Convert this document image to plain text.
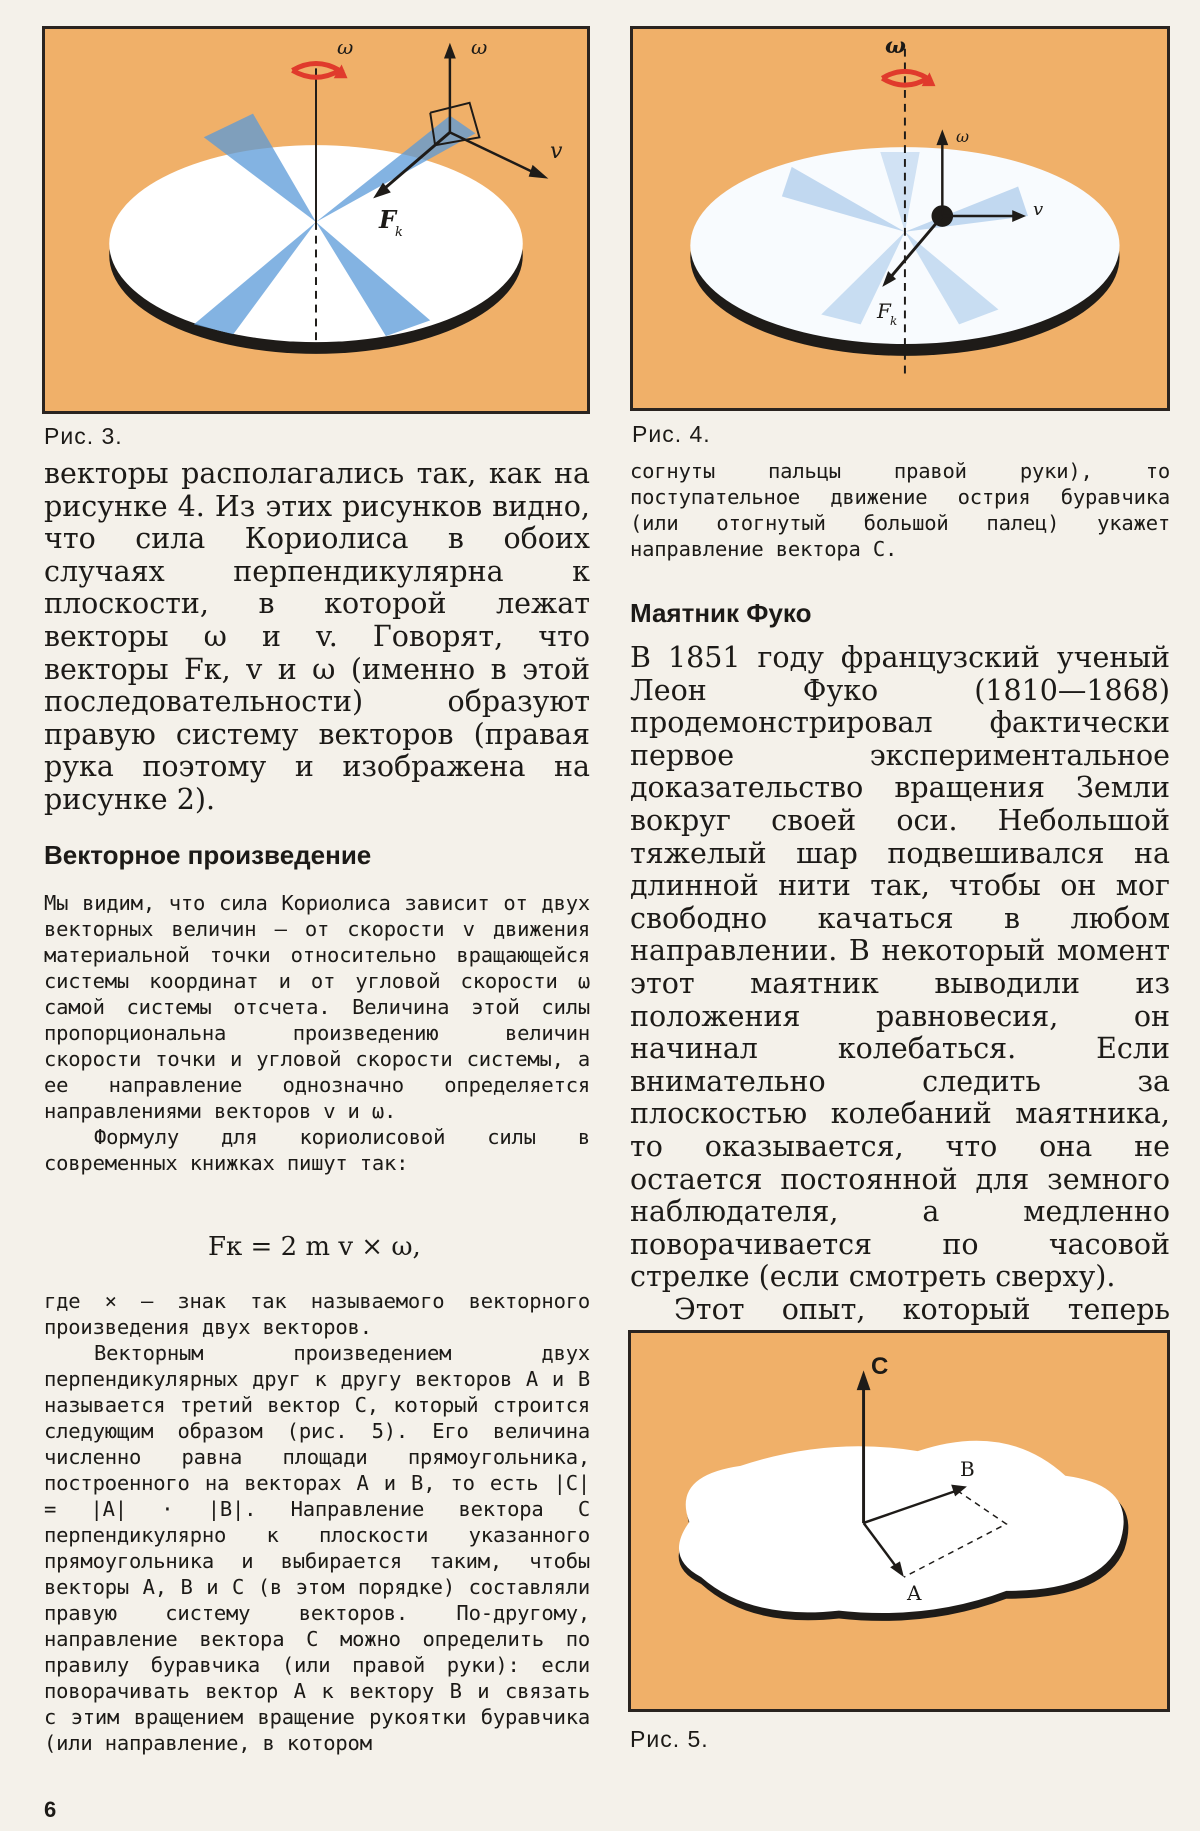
ω	ω
v
F
k
Рис. 3.
ω
ω
v
F k
Рис. 4.

векторы располагались так, как на рисунке 4. Из этих рисунков видно, что сила Кориолиса в обоих случаях перпендикулярна к плоскости, в которой лежат векторы ω и v. Говорят, что векторы Fк, v и ω (именно в этой последовательности) образуют правую систему векторов (правая рука поэтому и изображена на рисунке 2).

Векторное произведение

Мы видим, что сила Кориолиса зависит от двух векторных величин — от скорости v движения материальной точки относительно вращающейся системы координат и от угловой скорости ω самой системы отсчета. Величина этой силы пропорциональна произведению величин скорости точки и угловой скорости системы, а ее направление однозначно определяется направлениями векторов v и ω.

Формулу для кориолисовой силы в современных книжках пишут так:

Fк = 2 m v × ω,

где × — знак так называемого векторного произведения двух векторов.

Векторным произведением двух перпендикулярных друг к другу векторов A и B называется третий вектор C, который строится следующим образом (рис. 5). Его величина численно равна площади прямоугольника, построенного на векторах A и B, то есть |C| = |A| · |B|. Направление вектора C перпендикулярно к плоскости указанного прямоугольника и выбирается таким, чтобы векторы A, B и C (в этом порядке) составляли правую систему векторов. По-другому, направление вектора C можно определить по правилу буравчика (или правой руки): если поворачивать вектор A к вектору B и связать с этим вращением вращение рукоятки буравчика (или направление, в котором

согнуты пальцы правой руки), то поступательное движение острия буравчика (или отогнутый большой палец) укажет направление вектора C.

Маятник Фуко

В 1851 году французский ученый Леон Фуко (1810—1868) продемонстрировал фактически первое экспериментальное доказательство вращения Земли вокруг своей оси. Небольшой тяжелый шар подвешивался на длинной нити так, чтобы он мог свободно качаться в любом направлении. В некоторый момент этот маятник выводили из положения равновесия, он начинал колебаться. Если внимательно следить за плоскостью колебаний маятника, то оказывается, что она не остается постоянной для земного наблюдателя, а медленно поворачивается по часовой стрелке (если смотреть сверху).

Этот опыт, который теперь

C
B
A
Рис. 5.
6
